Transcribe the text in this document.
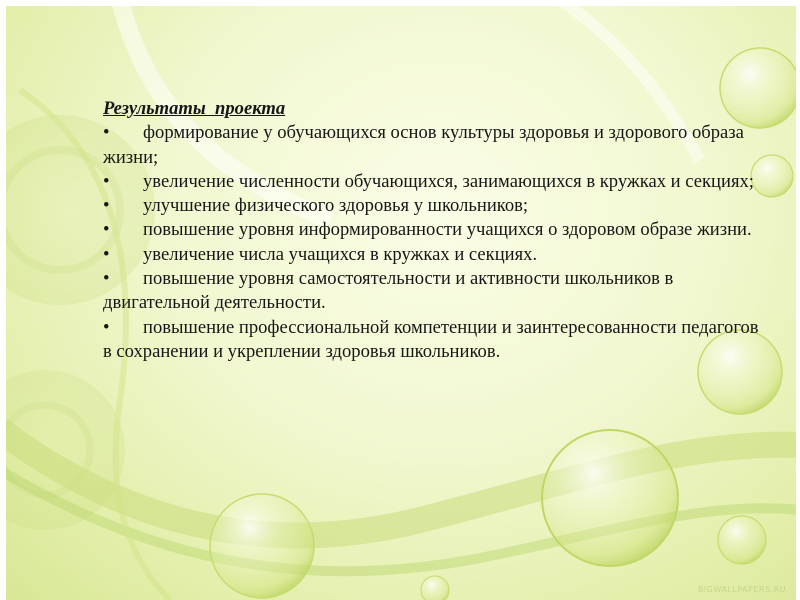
Результаты  проекта
• формирование у обучающихся основ культуры здоровья и здорового образа жизни;
• увеличение численности обучающихся, занимающихся в кружках и секциях;
• улучшение физического здоровья у школьников;
• повышение уровня информированности учащихся о здоровом образе жизни.
• увеличение числа учащихся в кружках и секциях.
• повышение уровня самостоятельности и активности школьников в двигательной деятельности.
• повышение профессиональной компетенции и заинтересованности педагогов в сохранении и укреплении здоровья школьников.
BIGWALLPAPERS.RU
